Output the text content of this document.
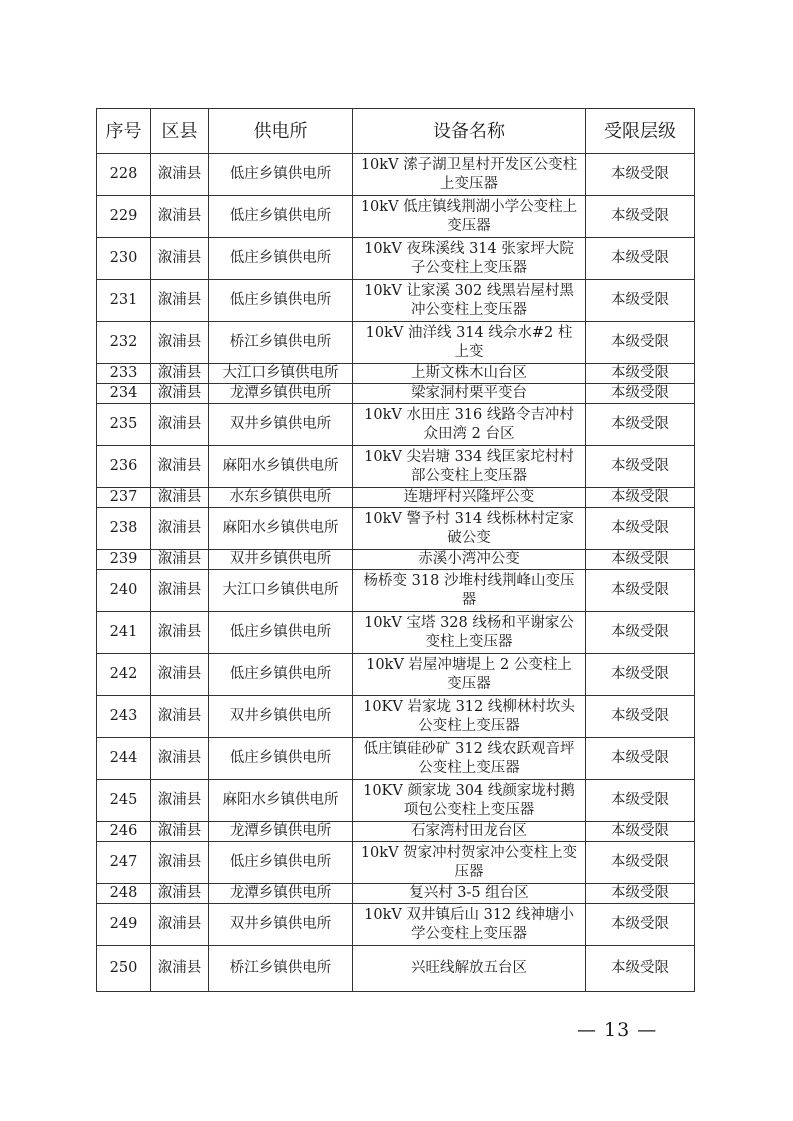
序号	区县	供电所	设备名称	受限层级
228	溆浦县	低庄乡镇供电所	10kV 溹子湖卫星村开发区公变柱上变压器	本级受限
229	溆浦县	低庄乡镇供电所	10kV 低庄镇线荆湖小学公变柱上变压器	本级受限
230	溆浦县	低庄乡镇供电所	10kV 夜珠溪线 314 张家坪大院子公变柱上变压器	本级受限
231	溆浦县	低庄乡镇供电所	10kV 让家溪 302 线黑岩屋村黑冲公变柱上变压器	本级受限
232	溆浦县	桥江乡镇供电所	10kV 油洋线 314 线佘水#2 柱上变	本级受限
233	溆浦县	大江口乡镇供电所	上斯文株木山台区	本级受限
234	溆浦县	龙潭乡镇供电所	梁家洞村栗平变台	本级受限
235	溆浦县	双井乡镇供电所	10kV 水田庄 316 线路令吉冲村众田湾 2 台区	本级受限
236	溆浦县	麻阳水乡镇供电所	10kV 尖岩塘 334 线匡家坨村村部公变柱上变压器	本级受限
237	溆浦县	水东乡镇供电所	连塘坪村兴隆坪公变	本级受限
238	溆浦县	麻阳水乡镇供电所	10kV 警予村 314 线栎林村定家破公变	本级受限
239	溆浦县	双井乡镇供电所	赤溪小湾冲公变	本级受限
240	溆浦县	大江口乡镇供电所	杨桥变 318 沙堆村线荆峰山变压器	本级受限
241	溆浦县	低庄乡镇供电所	10kV 宝塔 328 线杨和平谢家公变柱上变压器	本级受限
242	溆浦县	低庄乡镇供电所	10kV 岩屋冲塘堤上 2 公变柱上变压器	本级受限
243	溆浦县	双井乡镇供电所	10KV 岩家垅 312 线柳林村坎头公变柱上变压器	本级受限
244	溆浦县	低庄乡镇供电所	低庄镇硅砂矿 312 线农跃观音坪公变柱上变压器	本级受限
245	溆浦县	麻阳水乡镇供电所	10KV 颜家垅 304 线颜家垅村鹅项包公变柱上变压器	本级受限
246	溆浦县	龙潭乡镇供电所	石家湾村田龙台区	本级受限
247	溆浦县	低庄乡镇供电所	10kV 贺家冲村贺家冲公变柱上变压器	本级受限
248	溆浦县	龙潭乡镇供电所	复兴村 3-5 组台区	本级受限
249	溆浦县	双井乡镇供电所	10kV 双井镇后山 312 线神塘小学公变柱上变压器	本级受限
250	溆浦县	桥江乡镇供电所	兴旺线解放五台区	本级受限
— 13 —
